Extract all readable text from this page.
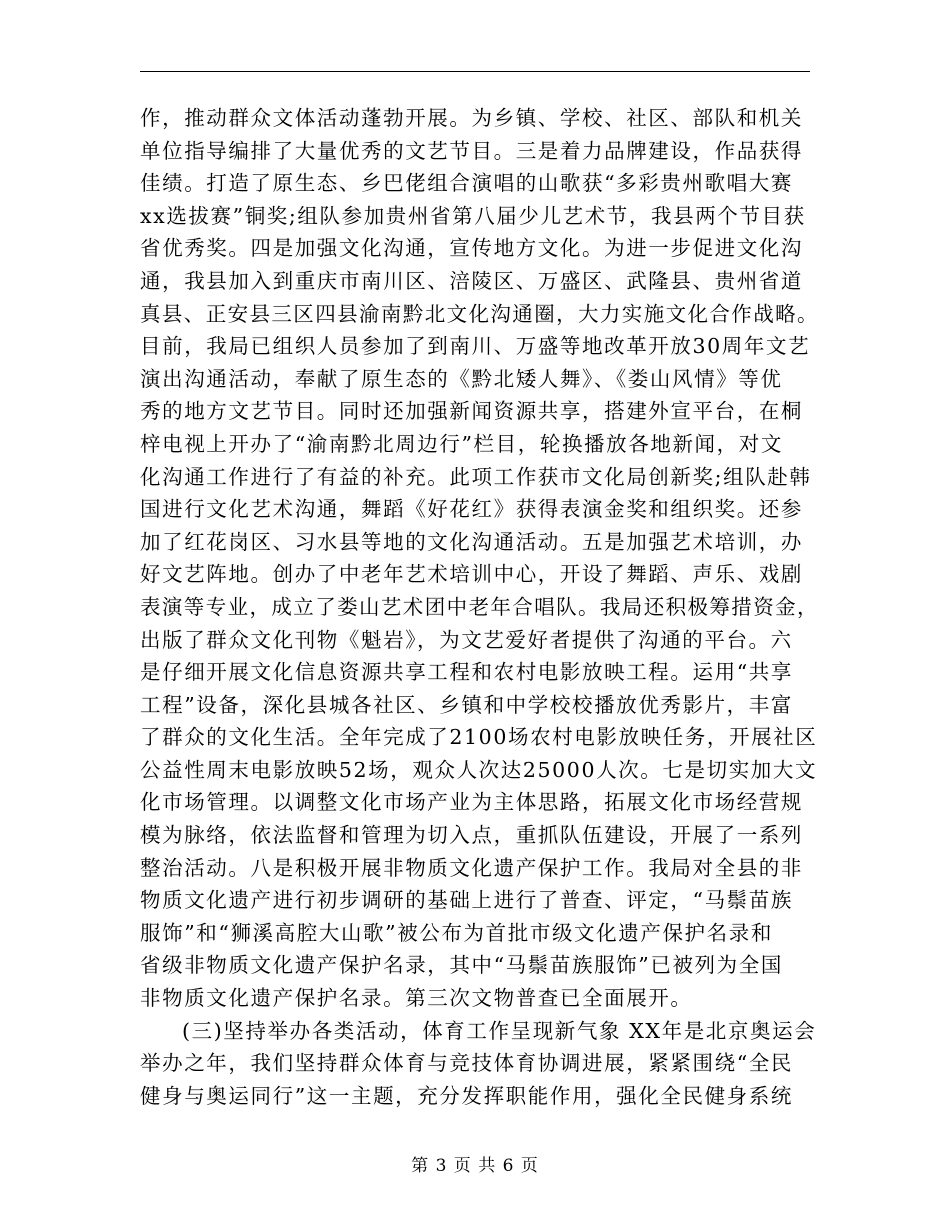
作，推动群众文体活动蓬勃开展。为乡镇、学校、社区、部队和机关
单位指导编排了大量优秀的文艺节目。三是着力品牌建设，作品获得
佳绩。打造了原生态、乡巴佬组合演唱的山歌获“多彩贵州歌唱大赛
xx选拔赛”铜奖;组队参加贵州省第八届少儿艺术节，我县两个节目获
省优秀奖。四是加强文化沟通，宣传地方文化。为进一步促进文化沟
通，我县加入到重庆市南川区、涪陵区、万盛区、武隆县、贵州省道
真县、正安县三区四县渝南黔北文化沟通圈，大力实施文化合作战略。
目前，我局已组织人员参加了到南川、万盛等地改革开放30周年文艺
演出沟通活动，奉献了原生态的《黔北矮人舞》、《娄山风情》等优
秀的地方文艺节目。同时还加强新闻资源共享，搭建外宣平台，在桐
梓电视上开办了“渝南黔北周边行”栏目，轮换播放各地新闻，对文
化沟通工作进行了有益的补充。此项工作获市文化局创新奖;组队赴韩
国进行文化艺术沟通，舞蹈《好花红》获得表演金奖和组织奖。还参
加了红花岗区、习水县等地的文化沟通活动。五是加强艺术培训，办
好文艺阵地。创办了中老年艺术培训中心，开设了舞蹈、声乐、戏剧
表演等专业，成立了娄山艺术团中老年合唱队。我局还积极筹措资金，
出版了群众文化刊物《魁岩》，为文艺爱好者提供了沟通的平台。六
是仔细开展文化信息资源共享工程和农村电影放映工程。运用“共享
工程”设备，深化县城各社区、乡镇和中学校校播放优秀影片，丰富
了群众的文化生活。全年完成了2100场农村电影放映任务，开展社区
公益性周末电影放映52场，观众人次达25000人次。七是切实加大文
化市场管理。以调整文化市场产业为主体思路，拓展文化市场经营规
模为脉络，依法监督和管理为切入点，重抓队伍建设，开展了一系列
整治活动。八是积极开展非物质文化遗产保护工作。我局对全县的非
物质文化遗产进行初步调研的基础上进行了普查、评定，“马鬃苗族
服饰”和“狮溪高腔大山歌”被公布为首批市级文化遗产保护名录和
省级非物质文化遗产保护名录，其中“马鬃苗族服饰”已被列为全国
非物质文化遗产保护名录。第三次文物普查已全面展开。
(三)坚持举办各类活动，体育工作呈现新气象 XX年是北京奥运会
举办之年，我们坚持群众体育与竞技体育协调进展，紧紧围绕“全民
健身与奥运同行”这一主题，充分发挥职能作用，强化全民健身系统
第 3 页 共 6 页
